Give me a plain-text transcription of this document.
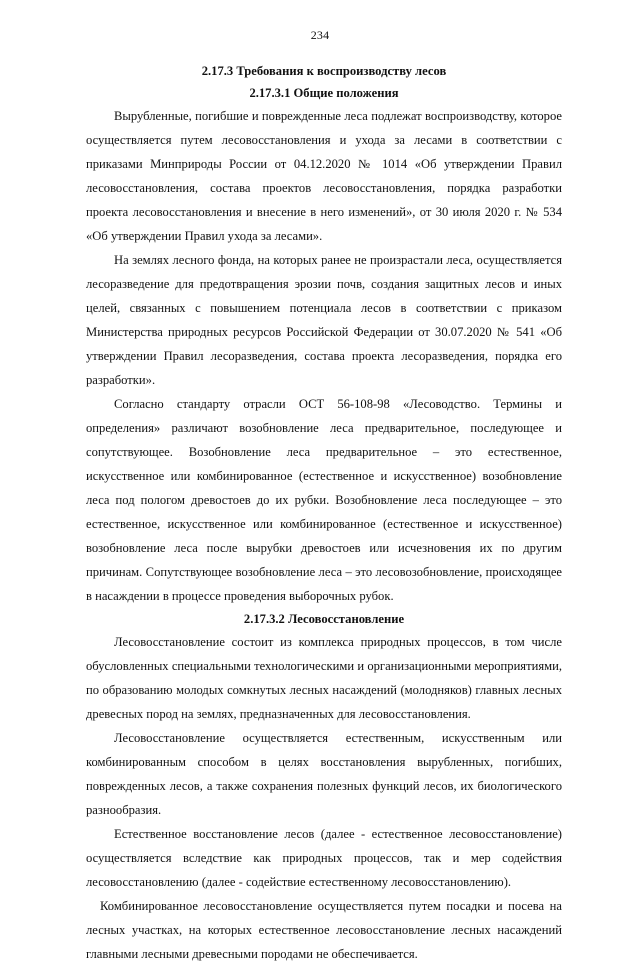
234

2.17.3 Требования к воспроизводству лесов

2.17.3.1 Общие положения

Вырубленные, погибшие и поврежденные леса подлежат воспроизводству, которое осуществляется путем лесовосстановления и ухода за лесами в соответствии с приказами Минприроды России от 04.12.2020 № 1014 «Об утверждении Правил лесовосстановления, состава проектов лесовосстановления, порядка разработки проекта лесовосстановления и внесение в него изменений», от 30 июля 2020 г. № 534 «Об утверждении Правил ухода за лесами».

На землях лесного фонда, на которых ранее не произрастали леса, осуществляется лесоразведение для предотвращения эрозии почв, создания защитных лесов и иных целей, связанных с повышением потенциала лесов в соответствии с приказом Министерства природных ресурсов Российской Федерации от 30.07.2020 № 541 «Об утверждении Правил лесоразведения, состава проекта лесоразведения, порядка его разработки».

Согласно стандарту отрасли ОСТ 56-108-98 «Лесоводство. Термины и определения» различают возобновление леса предварительное, последующее и сопутствующее. Возобновление леса предварительное – это естественное, искусственное или комбинированное (естественное и искусственное) возобновление леса под пологом древостоев до их рубки. Возобновление леса последующее – это естественное, искусственное или комбинированное (естественное и искусственное) возобновление леса после вырубки древостоев или исчезновения их по другим причинам. Сопутствующее возобновление леса – это лесовозобновление, происходящее в насаждении в процессе проведения выборочных рубок.

2.17.3.2 Лесовосстановление

Лесовосстановление состоит из комплекса природных процессов, в том числе обусловленных специальными технологическими и организационными мероприятиями, по образованию молодых сомкнутых лесных насаждений (молодняков) главных лесных древесных пород на землях, предназначенных для лесовосстановления.

Лесовосстановление осуществляется естественным, искусственным или комбинированным способом в целях восстановления вырубленных, погибших, поврежденных лесов, а также сохранения полезных функций лесов, их биологического разнообразия.

Естественное восстановление лесов (далее - естественное лесовосстановление) осуществляется вследствие как природных процессов, так и мер содействия лесовосстановлению (далее - содействие естественному лесовосстановлению).

Комбинированное лесовосстановление осуществляется путем посадки и посева на лесных участках, на которых естественное лесовосстановление лесных насаждений главными лесными древесными породами не обеспечивается.
